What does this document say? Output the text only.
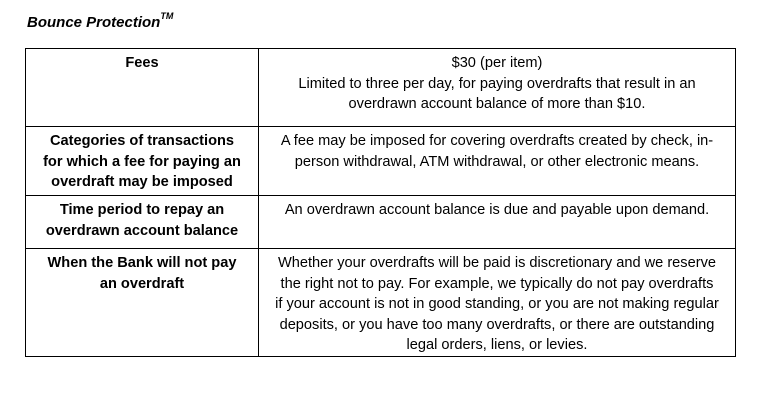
Bounce Protection™
Fees	$30 (per item)
Limited to three per day, for paying overdrafts that result in an
overdrawn account balance of more than $10.

Categories of transactions
for which a fee for paying an
overdraft may be imposed	A fee may be imposed for covering overdrafts created by check, in-
person withdrawal, ATM withdrawal, or other electronic means.

Time period to repay an
overdrawn account balance	An overdrawn account balance is due and payable upon demand.

When the Bank will not pay
an overdraft	Whether your overdrafts will be paid is discretionary and we reserve
the right not to pay. For example, we typically do not pay overdrafts
if your account is not in good standing, or you are not making regular
deposits, or you have too many overdrafts, or there are outstanding
legal orders, liens, or levies.
